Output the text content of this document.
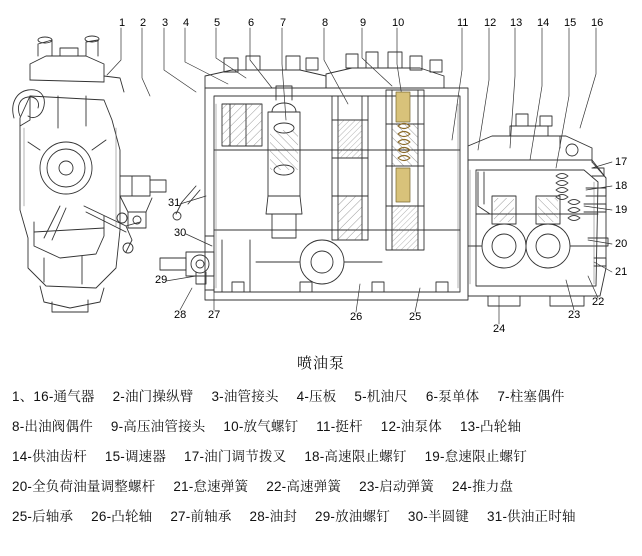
1 2 3 4 5	6 7	8	9 10	11 12 13 14 15 16
17
18
19
20
21
22
23
24
25
26
27
28
29
30
31
喷油泵
1、16-通气器 2-油门操纵臂 3-油管接头 4-压板 5-机油尺 6-泵单体 7-柱塞偶件
8-出油阀偶件 9-高压油管接头 10-放气螺钉 11-挺杆 12-油泵体 13-凸轮轴
14-供油齿杆 15-调速器 17-油门调节拨叉 18-高速限止螺钉 19-怠速限止螺钉
20-全负荷油量调整螺杆 21-怠速弹簧 22-高速弹簧 23-启动弹簧 24-推力盘
25-后轴承 26-凸轮轴 27-前轴承 28-油封 29-放油螺钉 30-半圆键 31-供油正时轴
